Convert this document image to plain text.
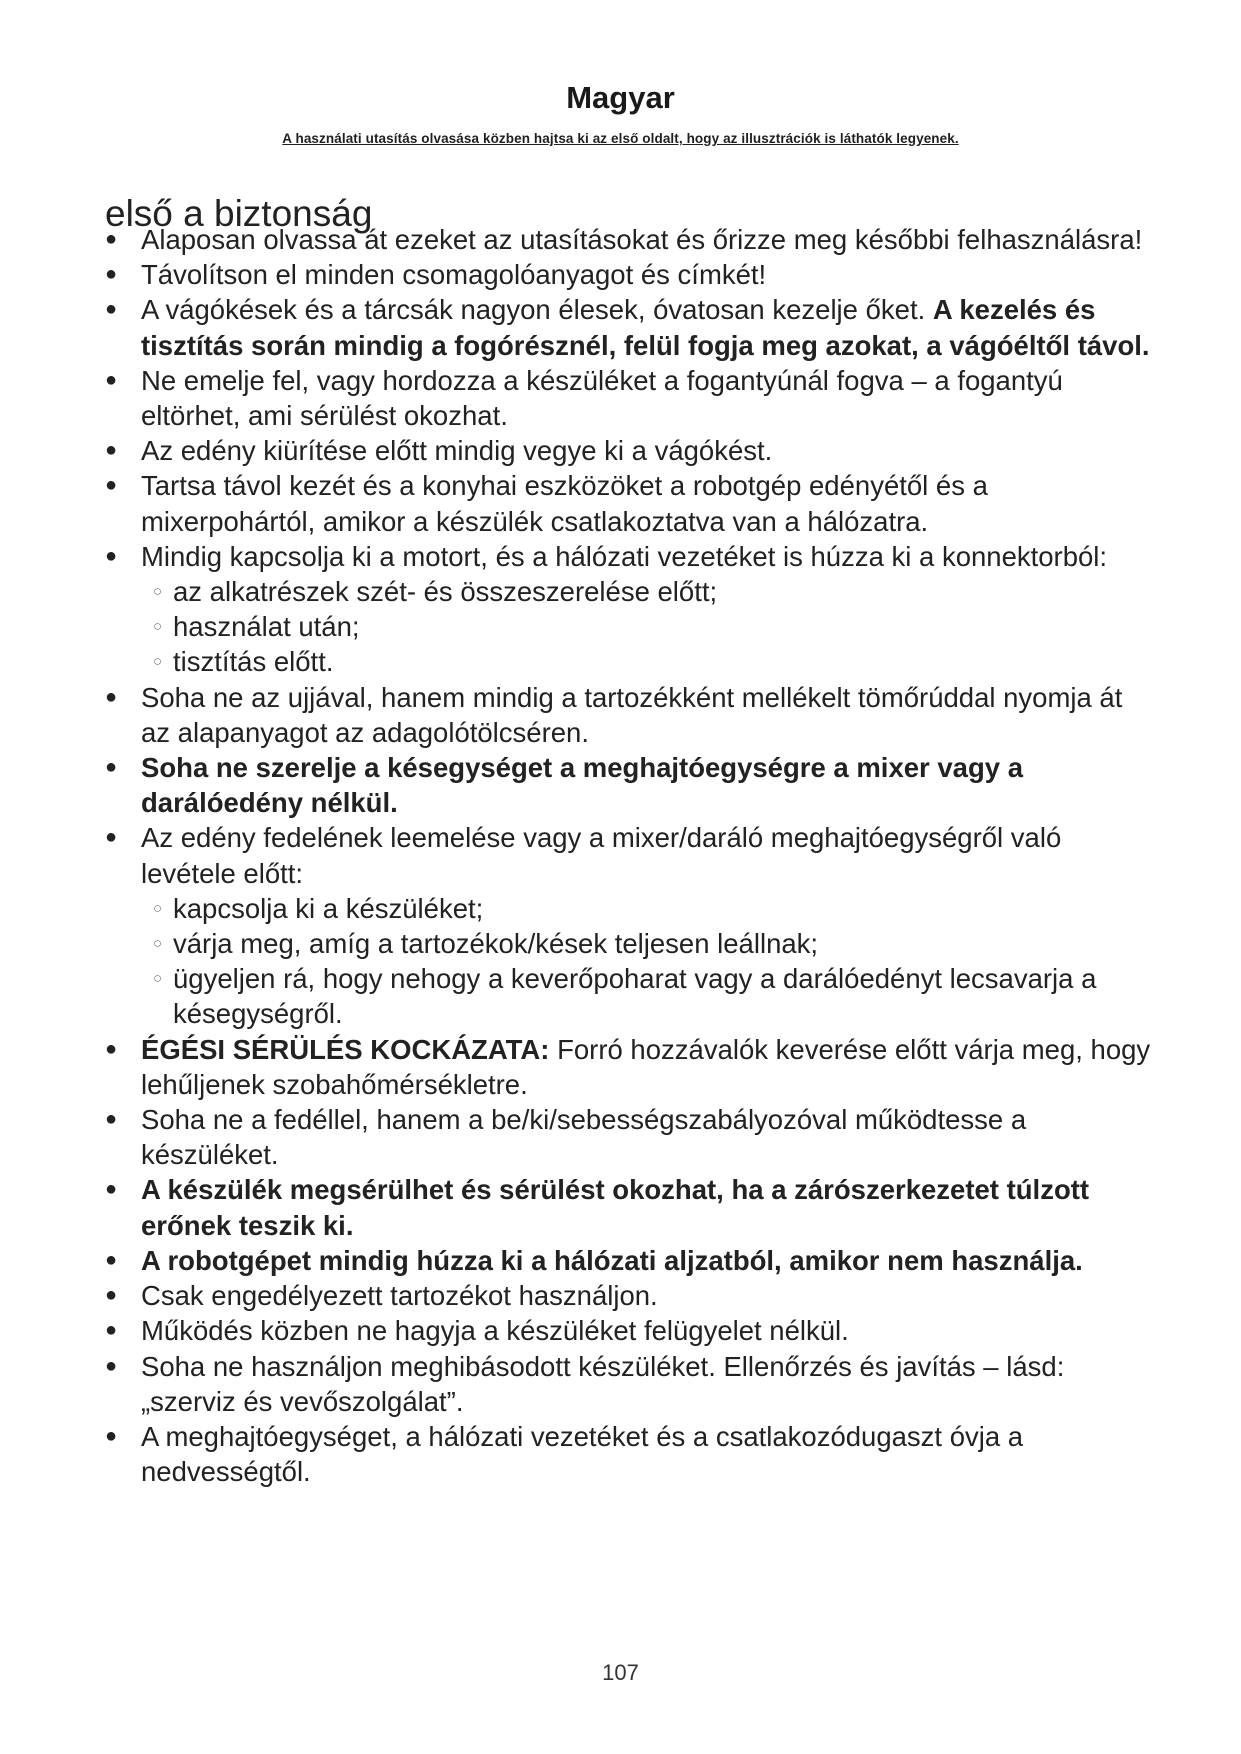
Magyar
A használati utasítás olvasása közben hajtsa ki az első oldalt, hogy az illusztrációk is láthatók legyenek.
első a biztonság
● Alaposan olvassa át ezeket az utasításokat és őrizze meg későbbi felhasználásra!
● Távolítson el minden csomagolóanyagot és címkét!
● A vágókések és a tárcsák nagyon élesek, óvatosan kezelje őket. A kezelés és tisztítás során mindig a fogórésznél, felül fogja meg azokat, a vágóéltől távol.
● Ne emelje fel, vagy hordozza a készüléket a fogantyúnál fogva – a fogantyú eltörhet, ami sérülést okozhat.
● Az edény kiürítése előtt mindig vegye ki a vágókést.
● Tartsa távol kezét és a konyhai eszközöket a robotgép edényétől és a mixerpohártól, amikor a készülék csatlakoztatva van a hálózatra.
● Mindig kapcsolja ki a motort, és a hálózati vezetéket is húzza ki a konnektorból:
○ az alkatrészek szét- és összeszerelése előtt;
○ használat után;
○ tisztítás előtt.
● Soha ne az ujjával, hanem mindig a tartozékként mellékelt tömőrúddal nyomja át az alapanyagot az adagolótölcséren.
● Soha ne szerelje a késegységet a meghajtóegységre a mixer vagy a darálóedény nélkül.
● Az edény fedelének leemelése vagy a mixer/daráló meghajtóegységről való levétele előtt:
○ kapcsolja ki a készüléket;
○ várja meg, amíg a tartozékok/kések teljesen leállnak;
○ ügyeljen rá, hogy nehogy a keverőpoharat vagy a darálóedényt lecsavarja a késegységről.
● ÉGÉSI SÉRÜLÉS KOCKÁZATA: Forró hozzávalók keverése előtt várja meg, hogy lehűljenek szobahőmérsékletre.
● Soha ne a fedéllel, hanem a be/ki/sebességszabályozóval működtesse a készüléket.
● A készülék megsérülhet és sérülést okozhat, ha a zárószerkezetet túlzott erőnek teszik ki.
● A robotgépet mindig húzza ki a hálózati aljzatból, amikor nem használja.
● Csak engedélyezett tartozékot használjon.
● Működés közben ne hagyja a készüléket felügyelet nélkül.
● Soha ne használjon meghibásodott készüléket. Ellenőrzés és javítás – lásd: „szerviz és vevőszolgálat”.
● A meghajtóegységet, a hálózati vezetéket és a csatlakozódugaszt óvja a nedvességtől.
107
